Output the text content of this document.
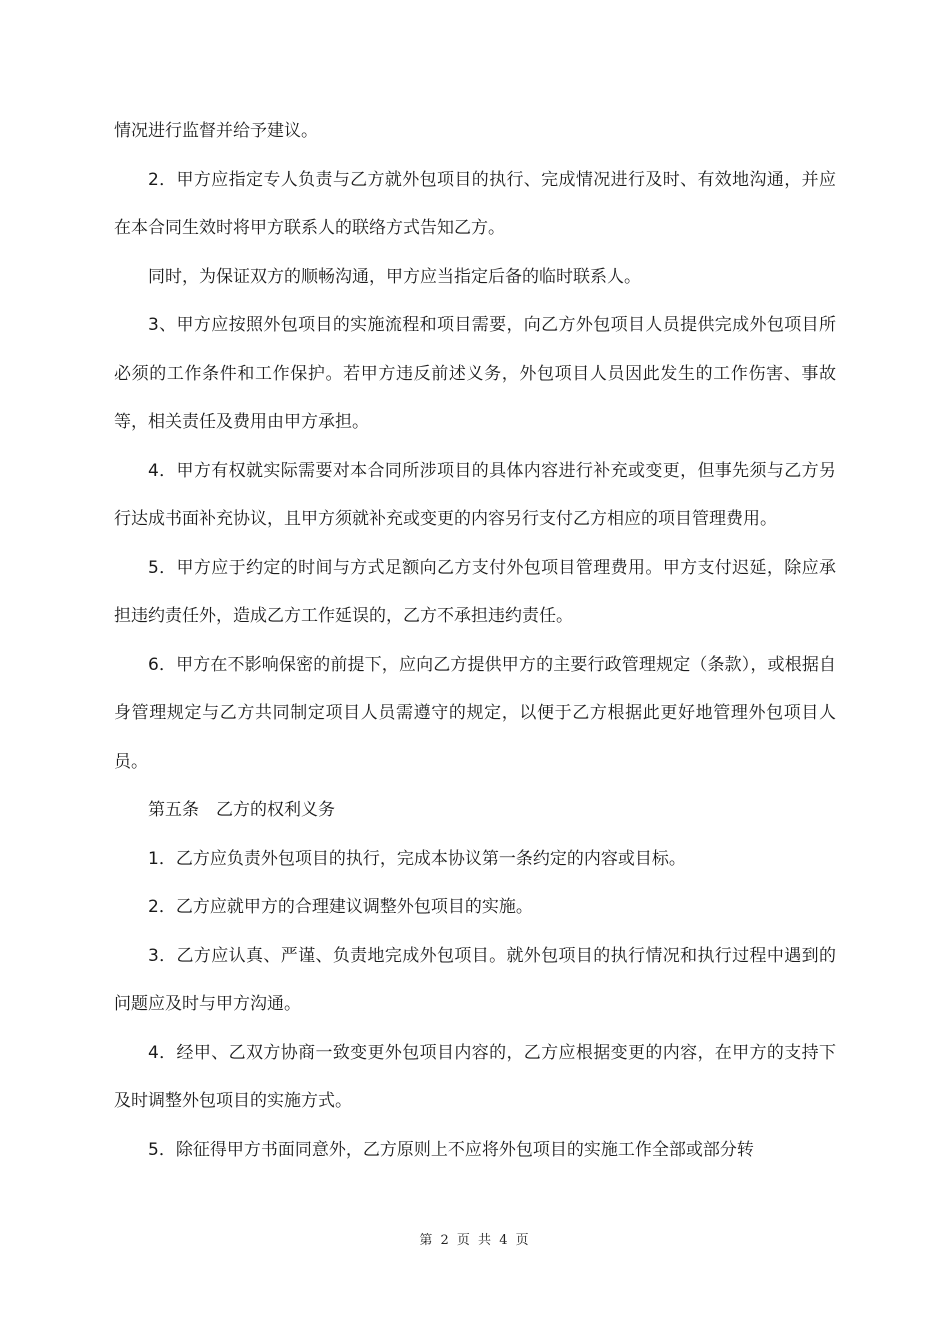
情况进行监督并给予建议。

2．甲方应指定专人负责与乙方就外包项目的执行、完成情况进行及时、有效地沟通，并应在本合同生效时将甲方联系人的联络方式告知乙方。

同时，为保证双方的顺畅沟通，甲方应当指定后备的临时联系人。

3、甲方应按照外包项目的实施流程和项目需要，向乙方外包项目人员提供完成外包项目所必须的工作条件和工作保护。若甲方违反前述义务，外包项目人员因此发生的工作伤害、事故等，相关责任及费用由甲方承担。

4．甲方有权就实际需要对本合同所涉项目的具体内容进行补充或变更，但事先须与乙方另行达成书面补充协议，且甲方须就补充或变更的内容另行支付乙方相应的项目管理费用。

5．甲方应于约定的时间与方式足额向乙方支付外包项目管理费用。甲方支付迟延，除应承担违约责任外，造成乙方工作延误的，乙方不承担违约责任。

6．甲方在不影响保密的前提下，应向乙方提供甲方的主要行政管理规定（条款），或根据自身管理规定与乙方共同制定项目人员需遵守的规定，以便于乙方根据此更好地管理外包项目人员。

第五条　乙方的权利义务

1．乙方应负责外包项目的执行，完成本协议第一条约定的内容或目标。

2．乙方应就甲方的合理建议调整外包项目的实施。

3．乙方应认真、严谨、负责地完成外包项目。就外包项目的执行情况和执行过程中遇到的问题应及时与甲方沟通。

4．经甲、乙双方协商一致变更外包项目内容的，乙方应根据变更的内容，在甲方的支持下及时调整外包项目的实施方式。

5．除征得甲方书面同意外，乙方原则上不应将外包项目的实施工作全部或部分转

第 2 页 共 4 页
